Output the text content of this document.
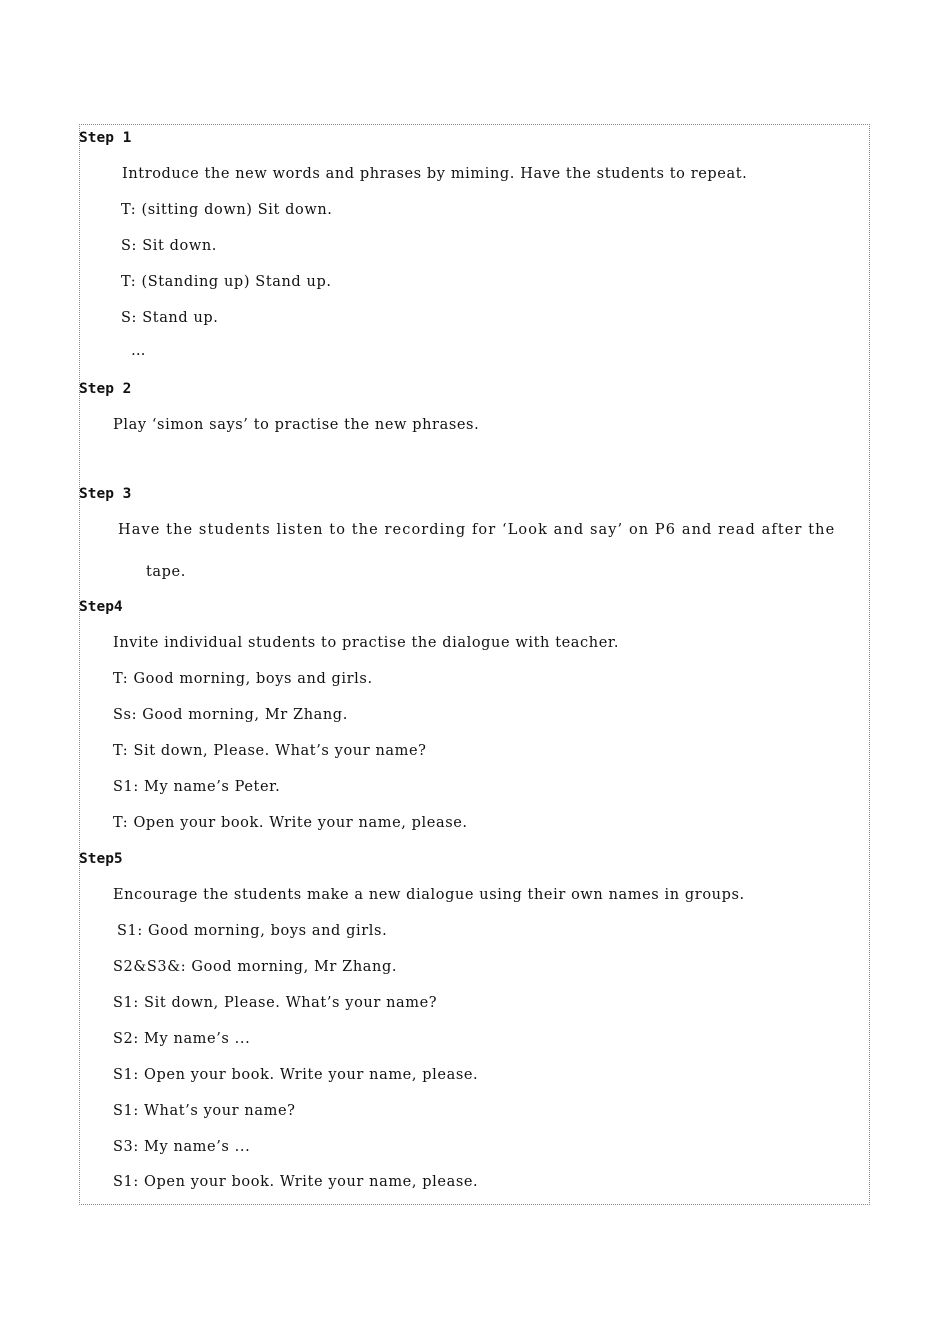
Step 1
Introduce the new words and phrases by miming. Have the students to repeat.
T: (sitting down) Sit down.
S: Sit down.
T: (Standing up) Stand up.
S: Stand up.
…
Step 2
Play ‘simon says’ to practise the new phrases.
Step 3
Have the students listen to the recording for ‘Look and say’ on P6 and read after the
tape.
Step4
Invite individual students to practise the dialogue with teacher.
T: Good morning, boys and girls.
Ss: Good morning, Mr Zhang.
T: Sit down, Please. What’s your name?
S1: My name’s Peter.
T: Open your book. Write your name, please.
Step5
Encourage the students make a new dialogue using their own names in groups.
S1: Good morning, boys and girls.
S2&S3&: Good morning, Mr Zhang.
S1: Sit down, Please. What’s your name?
S2: My name’s ...
S1: Open your book. Write your name, please.
S1: What’s your name?
S3: My name’s ...
S1: Open your book. Write your name, please.
